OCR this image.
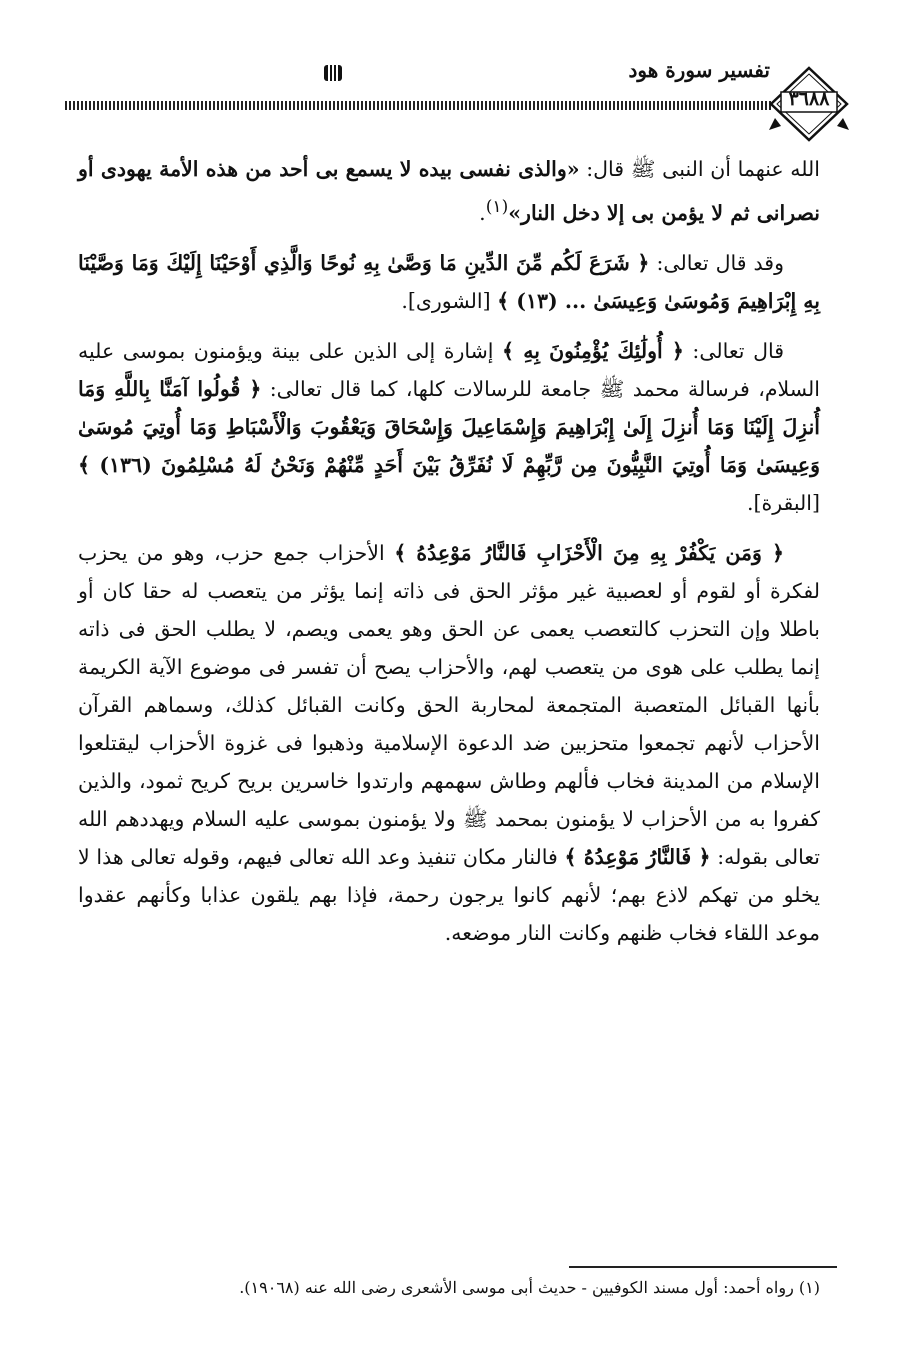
تفسير سورة هود
٣٦٨٨

الله عنهما أن النبى ﷺ قال: «والذى نفسى بيده لا يسمع بى أحد من هذه الأمة يهودى أو نصرانى ثم لا يؤمن بى إلا دخل النار»$^{(١)}$.

وقد قال تعالى: ﴿ شَرَعَ لَكُم مِّنَ الدِّينِ مَا وَصَّىٰ بِهِ نُوحًا وَالَّذِي أَوْحَيْنَا إِلَيْكَ وَمَا وَصَّيْنَا بِهِ إِبْرَاهِيمَ وَمُوسَىٰ وَعِيسَىٰ ... (١٣) ﴾ [الشورى].

قال تعالى: ﴿ أُولَٰئِكَ يُؤْمِنُونَ بِهِ ﴾ إشارة إلى الذين على بينة ويؤمنون بموسى عليه السلام، فرسالة محمد ﷺ جامعة للرسالات كلها، كما قال تعالى: ﴿ قُولُوا آمَنَّا بِاللَّهِ وَمَا أُنزِلَ إِلَيْنَا وَمَا أُنزِلَ إِلَىٰ إِبْرَاهِيمَ وَإِسْمَاعِيلَ وَإِسْحَاقَ وَيَعْقُوبَ وَالْأَسْبَاطِ وَمَا أُوتِيَ مُوسَىٰ وَعِيسَىٰ وَمَا أُوتِيَ النَّبِيُّونَ مِن رَّبِّهِمْ لَا نُفَرِّقُ بَيْنَ أَحَدٍ مِّنْهُمْ وَنَحْنُ لَهُ مُسْلِمُونَ (١٣٦) ﴾ [البقرة].

﴿ وَمَن يَكْفُرْ بِهِ مِنَ الْأَحْزَابِ فَالنَّارُ مَوْعِدُهُ ﴾ الأحزاب جمع حزب، وهو من يحزب لفكرة أو لقوم أو لعصبية غير مؤثر الحق فى ذاته إنما يؤثر من يتعصب له حقا كان أو باطلا وإن التحزب كالتعصب يعمى عن الحق وهو يعمى ويصم، لا يطلب الحق فى ذاته إنما يطلب على هوى من يتعصب لهم، والأحزاب يصح أن تفسر فى موضوع الآية الكريمة بأنها القبائل المتعصبة المتجمعة لمحاربة الحق وكانت القبائل كذلك، وسماهم القرآن الأحزاب لأنهم تجمعوا متحزبين ضد الدعوة الإسلامية وذهبوا فى غزوة الأحزاب ليقتلعوا الإسلام من المدينة فخاب فألهم وطاش سهمهم وارتدوا خاسرين بريح كريح ثمود، والذين كفروا به من الأحزاب لا يؤمنون بمحمد ﷺ ولا يؤمنون بموسى عليه السلام ويهددهم الله تعالى بقوله: ﴿ فَالنَّارُ مَوْعِدُهُ ﴾ فالنار مكان تنفيذ وعد الله تعالى فيهم، وقوله تعالى هذا لا يخلو من تهكم لاذع بهم؛ لأنهم كانوا يرجون رحمة، فإذا بهم يلقون عذابا وكأنهم عقدوا موعد اللقاء فخاب ظنهم وكانت النار موضعه.

(١) رواه أحمد: أول مسند الكوفيين - حديث أبى موسى الأشعرى رضى الله عنه (١٩٠٦٨).
